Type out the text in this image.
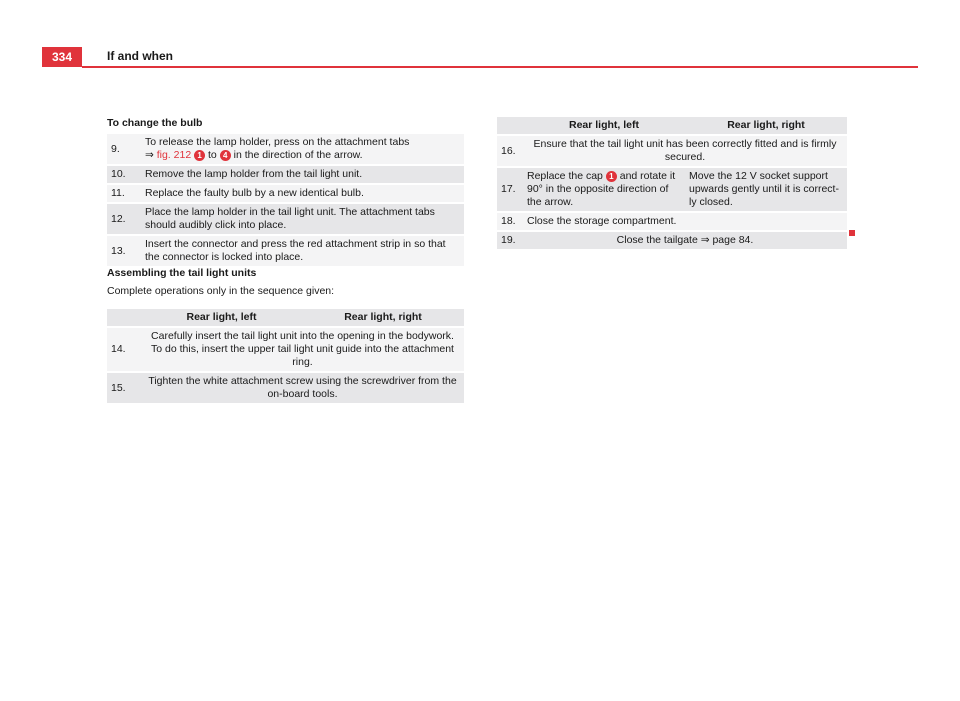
334	If and when
To change the bulb
9.	To release the lamp holder, press on the attachment tabs
⇒ fig. 212 1 to 4 in the direction of the arrow.

10.	Remove the lamp holder from the tail light unit.

11.	Replace the faulty bulb by a new identical bulb.

12.	Place the lamp holder in the tail light unit. The attachment tabs should audibly click into place.

13.	Insert the connector and press the red attachment strip in so that the connector is locked into place.
Assembling the tail light units
Complete operations only in the sequence given:
	Rear light, left	Rear light, right

14.	Carefully insert the tail light unit into the opening in the bodywork. To do this, insert the upper tail light unit guide into the attachment ring.	

15.	Tighten the white attachment screw using the screwdriver from the on-board tools.	
	Rear light, left	Rear light, right

16.	Ensure that the tail light unit has been correctly fitted and is firmly secured.	

17.	Replace the cap 1 and rotate it 90° in the opposite direction of the arrow.	Move the 12 V socket support upwards gently until it is correct-ly closed.

18.	Close the storage compartment.	

19.	Close the tailgate ⇒ page 84.	
